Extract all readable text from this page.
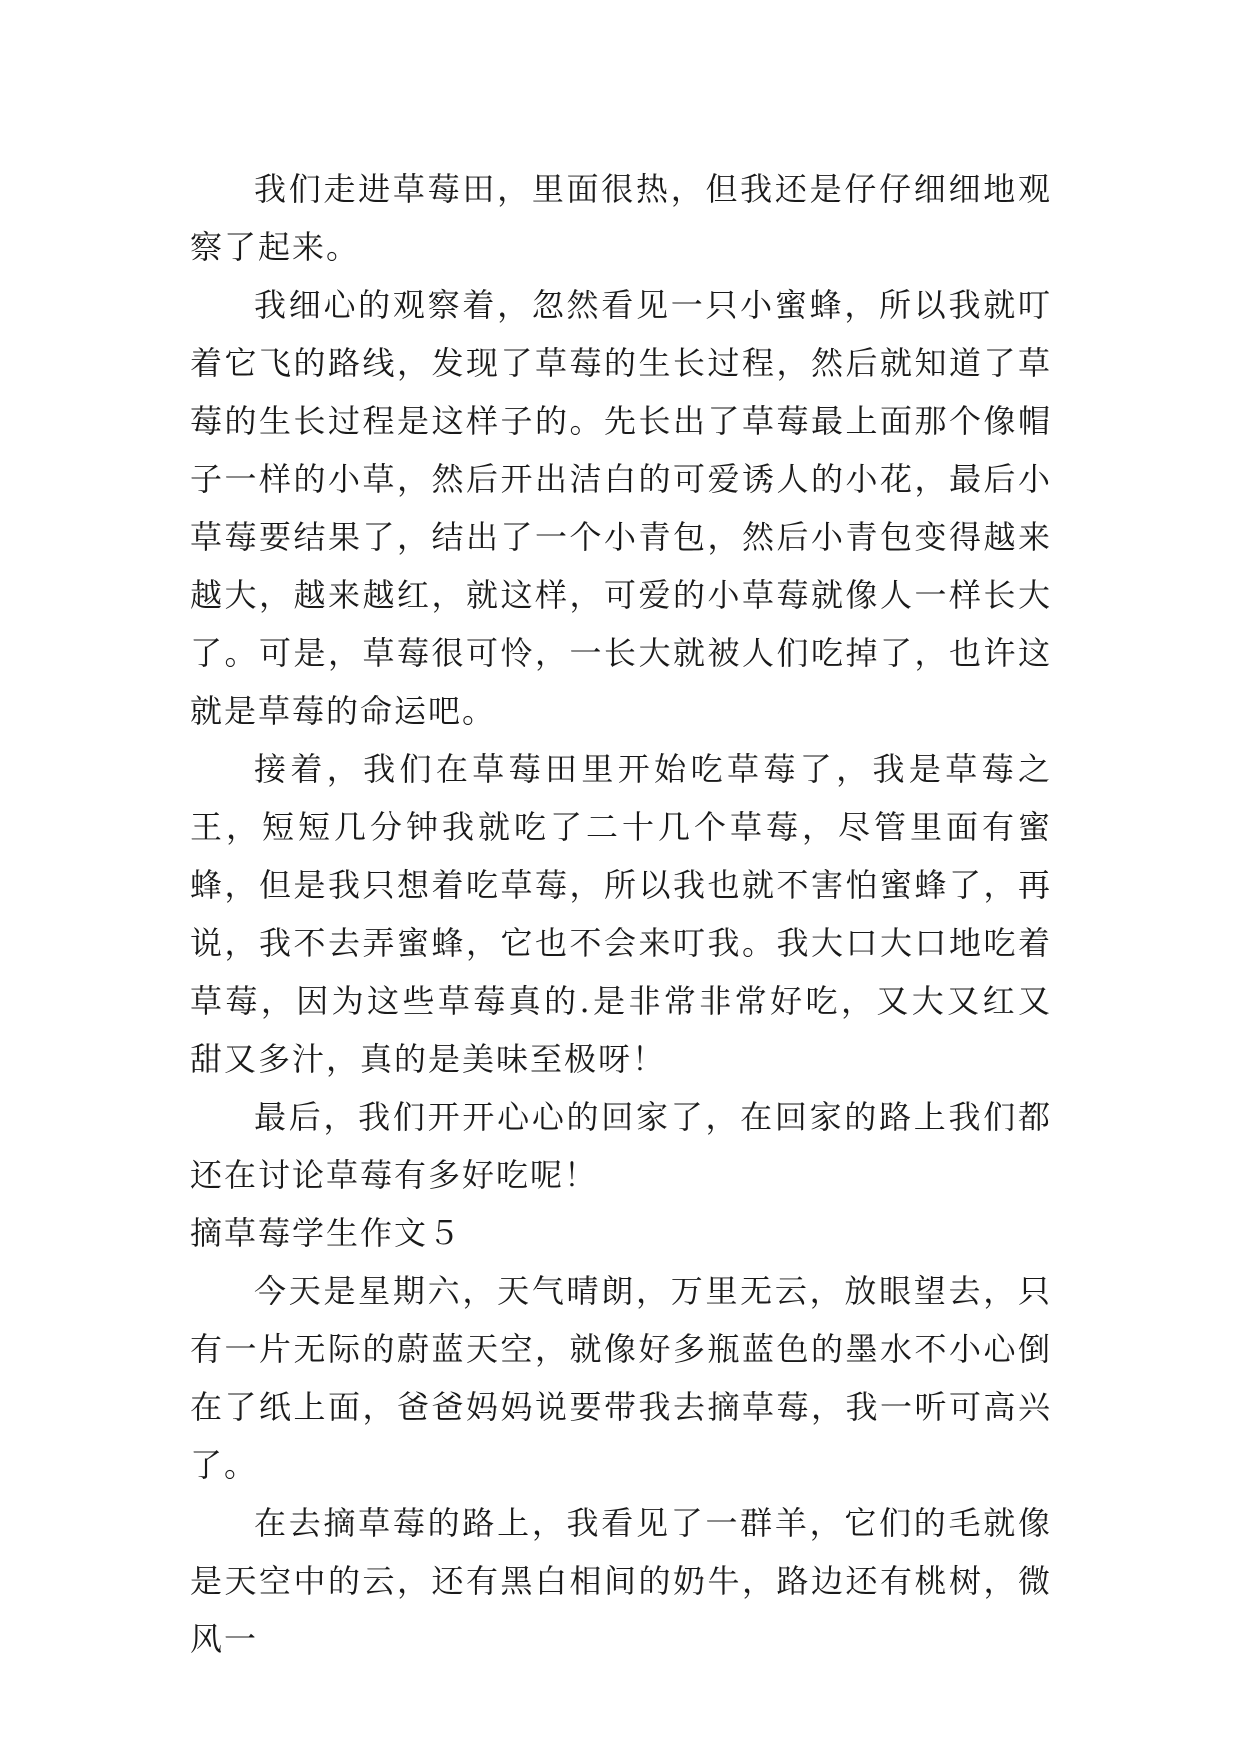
我们走进草莓田，里面很热，但我还是仔仔细细地观察了起来。

我细心的观察着，忽然看见一只小蜜蜂，所以我就叮着它飞的路线，发现了草莓的生长过程，然后就知道了草莓的生长过程是这样子的。先长出了草莓最上面那个像帽子一样的小草，然后开出洁白的可爱诱人的小花，最后小草莓要结果了，结出了一个小青包，然后小青包变得越来越大，越来越红，就这样，可爱的小草莓就像人一样长大了。可是，草莓很可怜，一长大就被人们吃掉了，也许这就是草莓的命运吧。

接着，我们在草莓田里开始吃草莓了，我是草莓之王，短短几分钟我就吃了二十几个草莓，尽管里面有蜜蜂，但是我只想着吃草莓，所以我也就不害怕蜜蜂了，再说，我不去弄蜜蜂，它也不会来叮我。我大口大口地吃着草莓，因为这些草莓真的.是非常非常好吃，又大又红又甜又多汁，真的是美味至极呀！

最后，我们开开心心的回家了，在回家的路上我们都还在讨论草莓有多好吃呢！

摘草莓学生作文５

今天是星期六，天气晴朗，万里无云，放眼望去，只有一片无际的蔚蓝天空，就像好多瓶蓝色的墨水不小心倒在了纸上面，爸爸妈妈说要带我去摘草莓，我一听可高兴了。

在去摘草莓的路上，我看见了一群羊，它们的毛就像是天空中的云，还有黑白相间的奶牛，路边还有桃树，微风一
